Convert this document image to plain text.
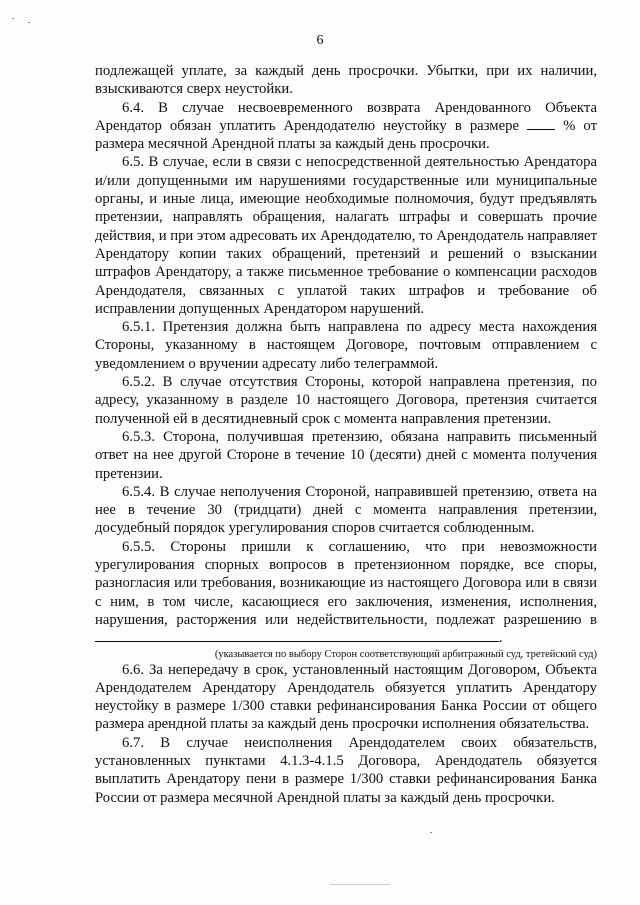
6

подлежащей уплате, за каждый день просрочки. Убытки, при их наличии, взыскиваются сверх неустойки.

6.4. В случае несвоевременного возврата Арендованного Объекта Арендатор обязан уплатить Арендодателю неустойку в размере  % от размера месячной Арендной платы за каждый день просрочки.

6.5. В случае, если в связи с непосредственной деятельностью Арендатора и/или допущенными им нарушениями государственные или муниципальные органы, и иные лица, имеющие необходимые полномочия, будут предъявлять претензии, направлять обращения, налагать штрафы и совершать прочие действия, и при этом адресовать их Арендодателю, то Арендодатель направляет Арендатору копии таких обращений, претензий и решений о взыскании штрафов Арендатору, а также письменное требование о компенсации расходов Арендодателя, связанных с уплатой таких штрафов и требование об исправлении допущенных Арендатором нарушений.

6.5.1. Претензия должна быть направлена по адресу места нахождения Стороны, указанному в настоящем Договоре, почтовым отправлением с уведомлением о вручении адресату либо телеграммой.

6.5.2. В случае отсутствия Стороны, которой направлена претензия, по адресу, указанному в разделе 10 настоящего Договора, претензия считается полученной ей в десятидневный срок с момента направления претензии.

6.5.3. Сторона, получившая претензию, обязана направить письменный ответ на нее другой Стороне в течение 10 (десяти) дней с момента получения претензии.

6.5.4. В случае неполучения Стороной, направившей претензию, ответа на нее в течение 30 (тридцати) дней с момента направления претензии, досудебный порядок урегулирования споров считается соблюденным.

6.5.5. Стороны пришли к соглашению, что при невозможности урегулирования спорных вопросов в претензионном порядке, все споры, разногласия или требования, возникающие из настоящего Договора или в связи с ним, в том числе, касающиеся его заключения, изменения, исполнения, нарушения, расторжения или недействительности, подлежат разрешению в .

(указывается по выбору Сторон соответствующий арбитражный суд, третейский суд)

6.6. За непередачу в срок, установленный настоящим Договором, Объекта Арендодателем Арендатору Арендодатель обязуется уплатить Арендатору неустойку в размере 1/300 ставки рефинансирования Банка России от общего размера арендной платы за каждый день просрочки исполнения обязательства.

6.7. В случае неисполнения Арендодателем своих обязательств, установленных пунктами 4.1.3-4.1.5 Договора, Арендодатель обязуется выплатить Арендатору пени в размере 1/300 ставки рефинансирования Банка России от размера месячной Арендной платы за каждый день просрочки.
